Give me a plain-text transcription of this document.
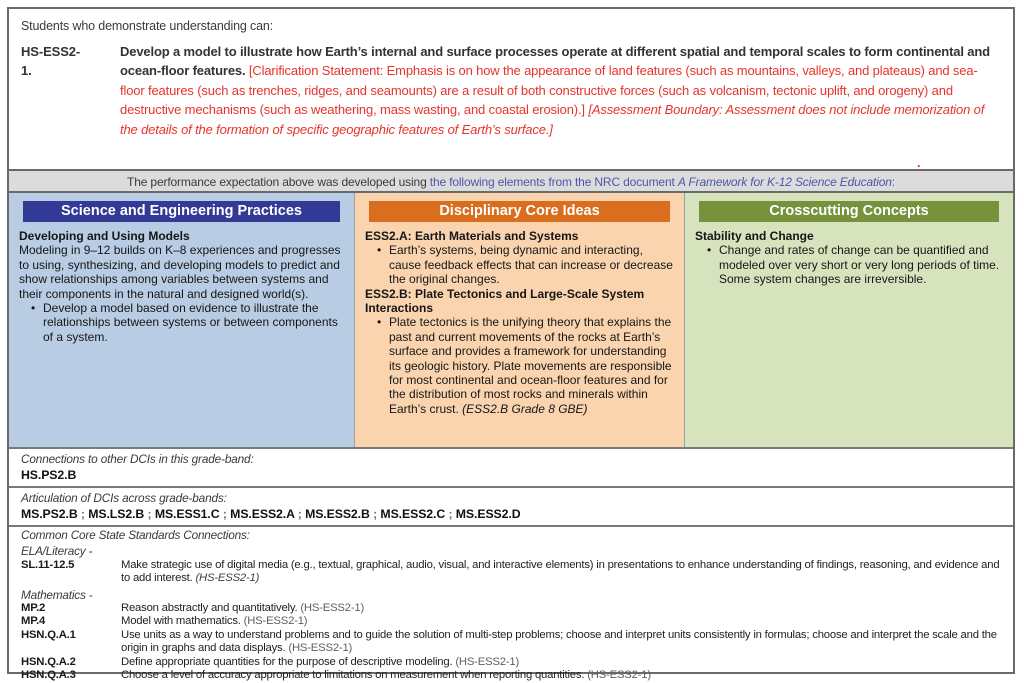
Students who demonstrate understanding can:
HS-ESS2-1.
Develop a model to illustrate how Earth’s internal and surface processes operate at different spatial and temporal scales to form continental and ocean-floor features. [Clarification Statement: Emphasis is on how the appearance of land features (such as mountains, valleys, and plateaus) and sea-floor features (such as trenches, ridges, and seamounts) are a result of both constructive forces (such as volcanism, tectonic uplift, and orogeny) and destructive mechanisms (such as weathering, mass wasting, and coastal erosion).] [Assessment Boundary: Assessment does not include memorization of the details of the formation of specific geographic features of Earth’s surface.]
.
The performance expectation above was developed using the following elements from the NRC document A Framework for K-12 Science Education:
Science and Engineering Practices
Developing and Using Models
Modeling in 9–12 builds on K–8 experiences and progresses to using, synthesizing, and developing models to predict and show relationships among variables between systems and their components in the natural and designed world(s).
• Develop a model based on evidence to illustrate the relationships between systems or between components of a system.
Disciplinary Core Ideas
ESS2.A: Earth Materials and Systems
• Earth’s systems, being dynamic and interacting, cause feedback effects that can increase or decrease the original changes.
ESS2.B: Plate Tectonics and Large-Scale System Interactions
• Plate tectonics is the unifying theory that explains the past and current movements of the rocks at Earth’s surface and provides a framework for understanding its geologic history. Plate movements are responsible for most continental and ocean-floor features and for the distribution of most rocks and minerals within Earth’s crust. (ESS2.B Grade 8 GBE)
Crosscutting Concepts
Stability and Change
• Change and rates of change can be quantified and modeled over very short or very long periods of time. Some system changes are irreversible.
Connections to other DCIs in this grade-band:
HS.PS2.B
Articulation of DCIs across grade-bands:
MS.PS2.B ; MS.LS2.B ; MS.ESS1.C ; MS.ESS2.A ; MS.ESS2.B ; MS.ESS2.C ; MS.ESS2.D
Common Core State Standards Connections:
ELA/Literacy -
SL.11-12.5	Make strategic use of digital media (e.g., textual, graphical, audio, visual, and interactive elements) in presentations to enhance understanding of findings, reasoning, and evidence and to add interest. (HS-ESS2-1)
Mathematics -
MP.2	Reason abstractly and quantitatively. (HS-ESS2-1)
MP.4	Model with mathematics. (HS-ESS2-1)
HSN.Q.A.1	Use units as a way to understand problems and to guide the solution of multi-step problems; choose and interpret units consistently in formulas; choose and interpret the scale and the origin in graphs and data displays. (HS-ESS2-1)
HSN.Q.A.2	Define appropriate quantities for the purpose of descriptive modeling. (HS-ESS2-1)
HSN.Q.A.3	Choose a level of accuracy appropriate to limitations on measurement when reporting quantities. (HS-ESS2-1)
